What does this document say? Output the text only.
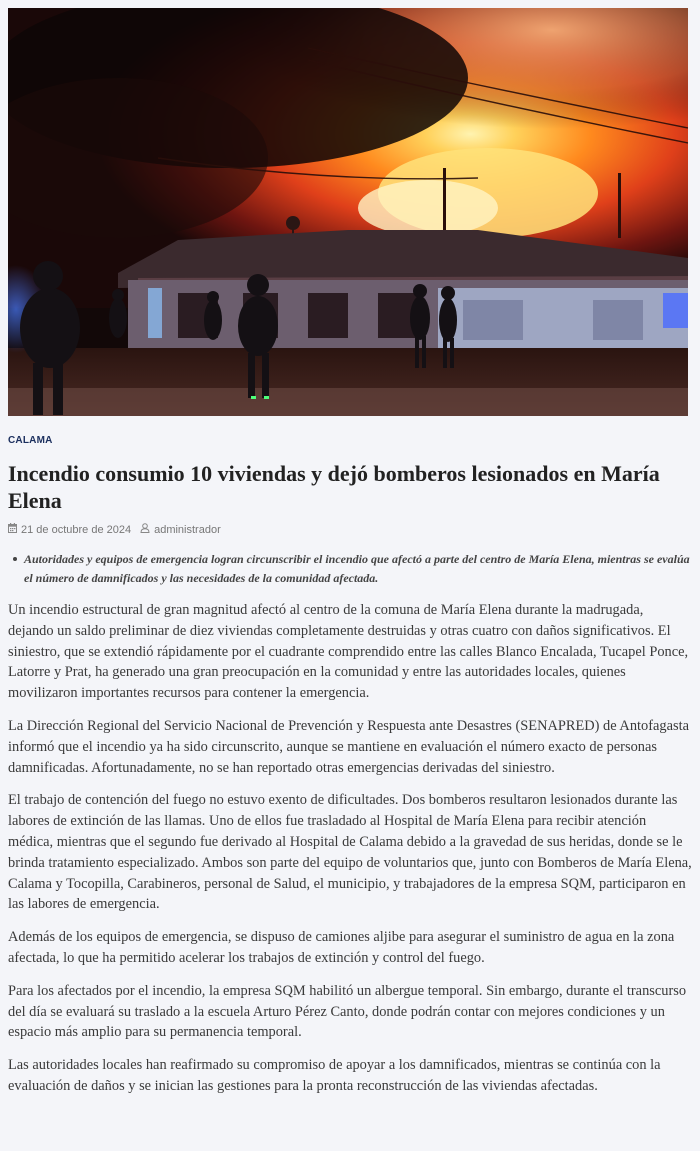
CALAMA
Incendio consumio 10 viviendas y dejó bomberos lesionados en María Elena
21 de octubre de 2024 administrador
Autoridades y equipos de emergencia logran circunscribir el incendio que afectó a parte del centro de María Elena, mientras se evalúa el número de damnificados y las necesidades de la comunidad afectada.

Un incendio estructural de gran magnitud afectó al centro de la comuna de María Elena durante la madrugada, dejando un saldo preliminar de diez viviendas completamente destruidas y otras cuatro con daños significativos. El siniestro, que se extendió rápidamente por el cuadrante comprendido entre las calles Blanco Encalada, Tucapel Ponce, Latorre y Prat, ha generado una gran preocupación en la comunidad y entre las autoridades locales, quienes movilizaron importantes recursos para contener la emergencia.

La Dirección Regional del Servicio Nacional de Prevención y Respuesta ante Desastres (SENAPRED) de Antofagasta informó que el incendio ya ha sido circunscrito, aunque se mantiene en evaluación el número exacto de personas damnificadas. Afortunadamente, no se han reportado otras emergencias derivadas del siniestro.

El trabajo de contención del fuego no estuvo exento de dificultades. Dos bomberos resultaron lesionados durante las labores de extinción de las llamas. Uno de ellos fue trasladado al Hospital de María Elena para recibir atención médica, mientras que el segundo fue derivado al Hospital de Calama debido a la gravedad de sus heridas, donde se le brinda tratamiento especializado. Ambos son parte del equipo de voluntarios que, junto con Bomberos de María Elena, Calama y Tocopilla, Carabineros, personal de Salud, el municipio, y trabajadores de la empresa SQM, participaron en las labores de emergencia.

Además de los equipos de emergencia, se dispuso de camiones aljibe para asegurar el suministro de agua en la zona afectada, lo que ha permitido acelerar los trabajos de extinción y control del fuego.

Para los afectados por el incendio, la empresa SQM habilitó un albergue temporal. Sin embargo, durante el transcurso del día se evaluará su traslado a la escuela Arturo Pérez Canto, donde podrán contar con mejores condiciones y un espacio más amplio para su permanencia temporal.

Las autoridades locales han reafirmado su compromiso de apoyar a los damnificados, mientras se continúa con la evaluación de daños y se inician las gestiones para la pronta reconstrucción de las viviendas afectadas.
